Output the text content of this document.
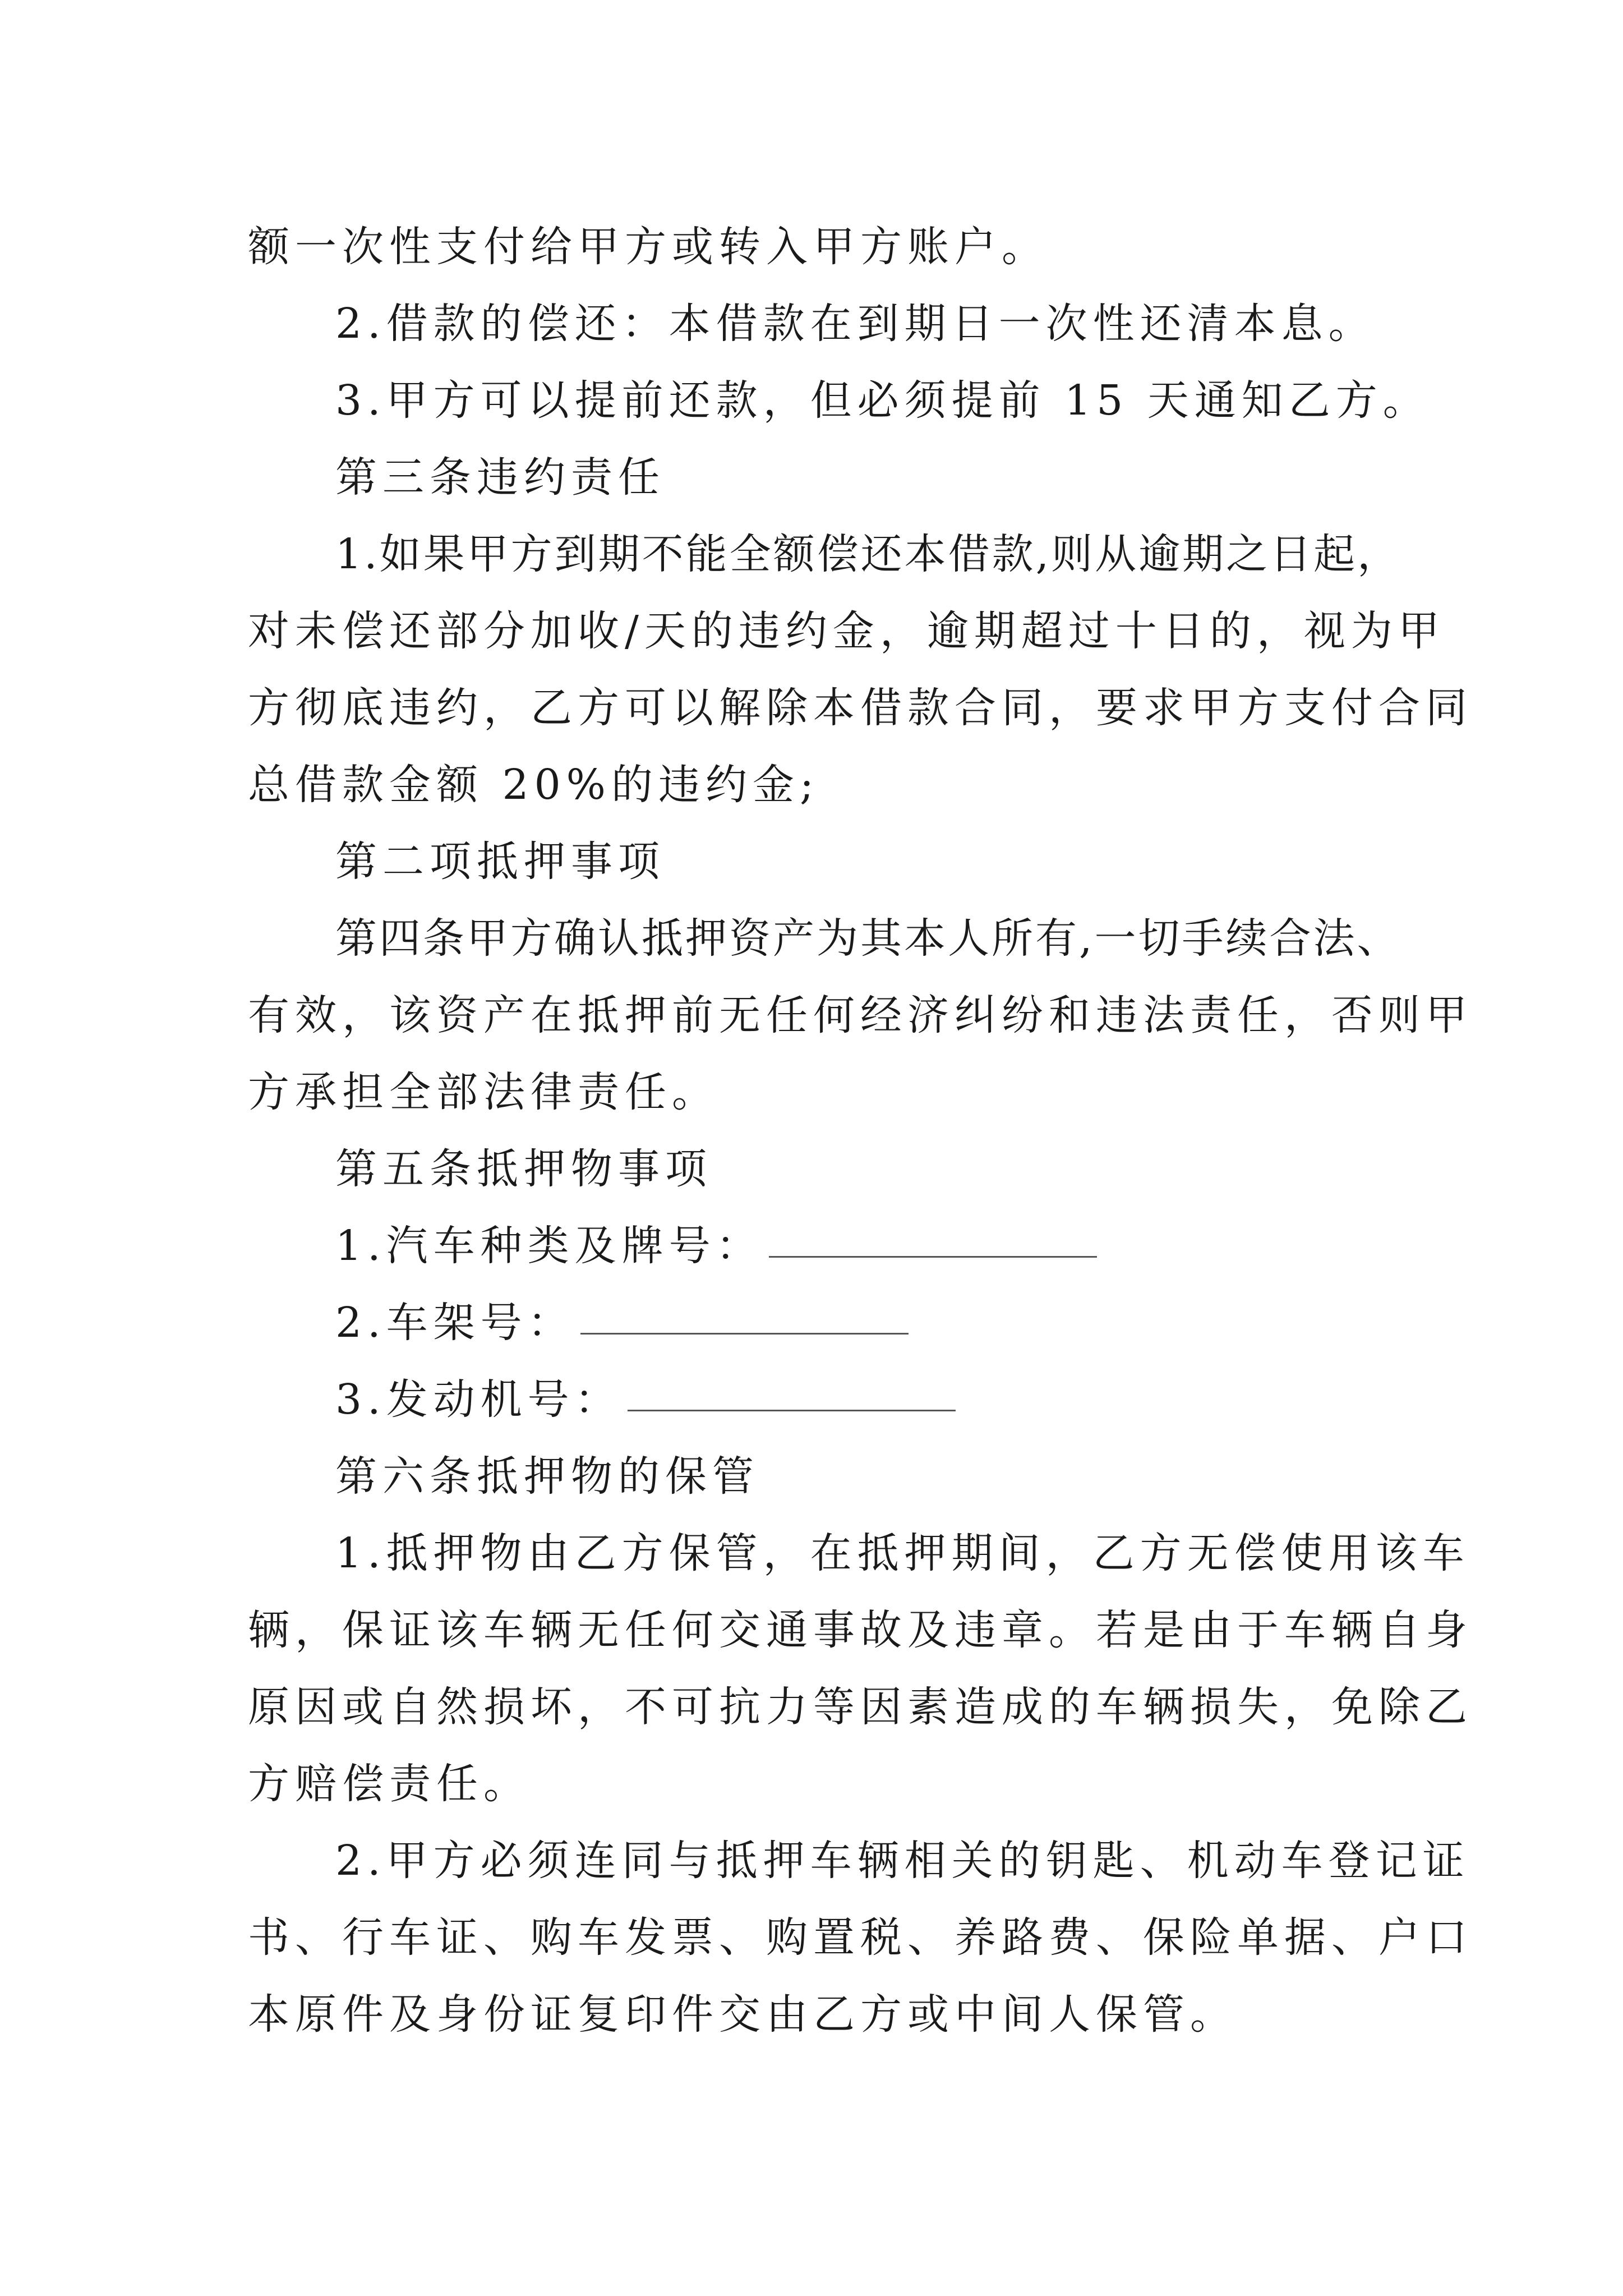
额一次性支付给甲方或转入甲方账户。
2.借款的偿还：本借款在到期日一次性还清本息。
3.甲方可以提前还款，但必须提前 15 天通知乙方。
第三条违约责任
1.如果甲方到期不能全额偿还本借款,则从逾期之日起，
对未偿还部分加收/天的违约金，逾期超过十日的，视为甲
方彻底违约，乙方可以解除本借款合同，要求甲方支付合同
总借款金额 20%的违约金;
第二项抵押事项
第四条甲方确认抵押资产为其本人所有,一切手续合法、
有效，该资产在抵押前无任何经济纠纷和违法责任，否则甲
方承担全部法律责任。
第五条抵押物事项
1.汽车种类及牌号：
2.车架号：
3.发动机号：
第六条抵押物的保管
1.抵押物由乙方保管，在抵押期间，乙方无偿使用该车
辆，保证该车辆无任何交通事故及违章。若是由于车辆自身
原因或自然损坏，不可抗力等因素造成的车辆损失，免除乙
方赔偿责任。
2.甲方必须连同与抵押车辆相关的钥匙、机动车登记证
书、行车证、购车发票、购置税、养路费、保险单据、户口
本原件及身份证复印件交由乙方或中间人保管。
